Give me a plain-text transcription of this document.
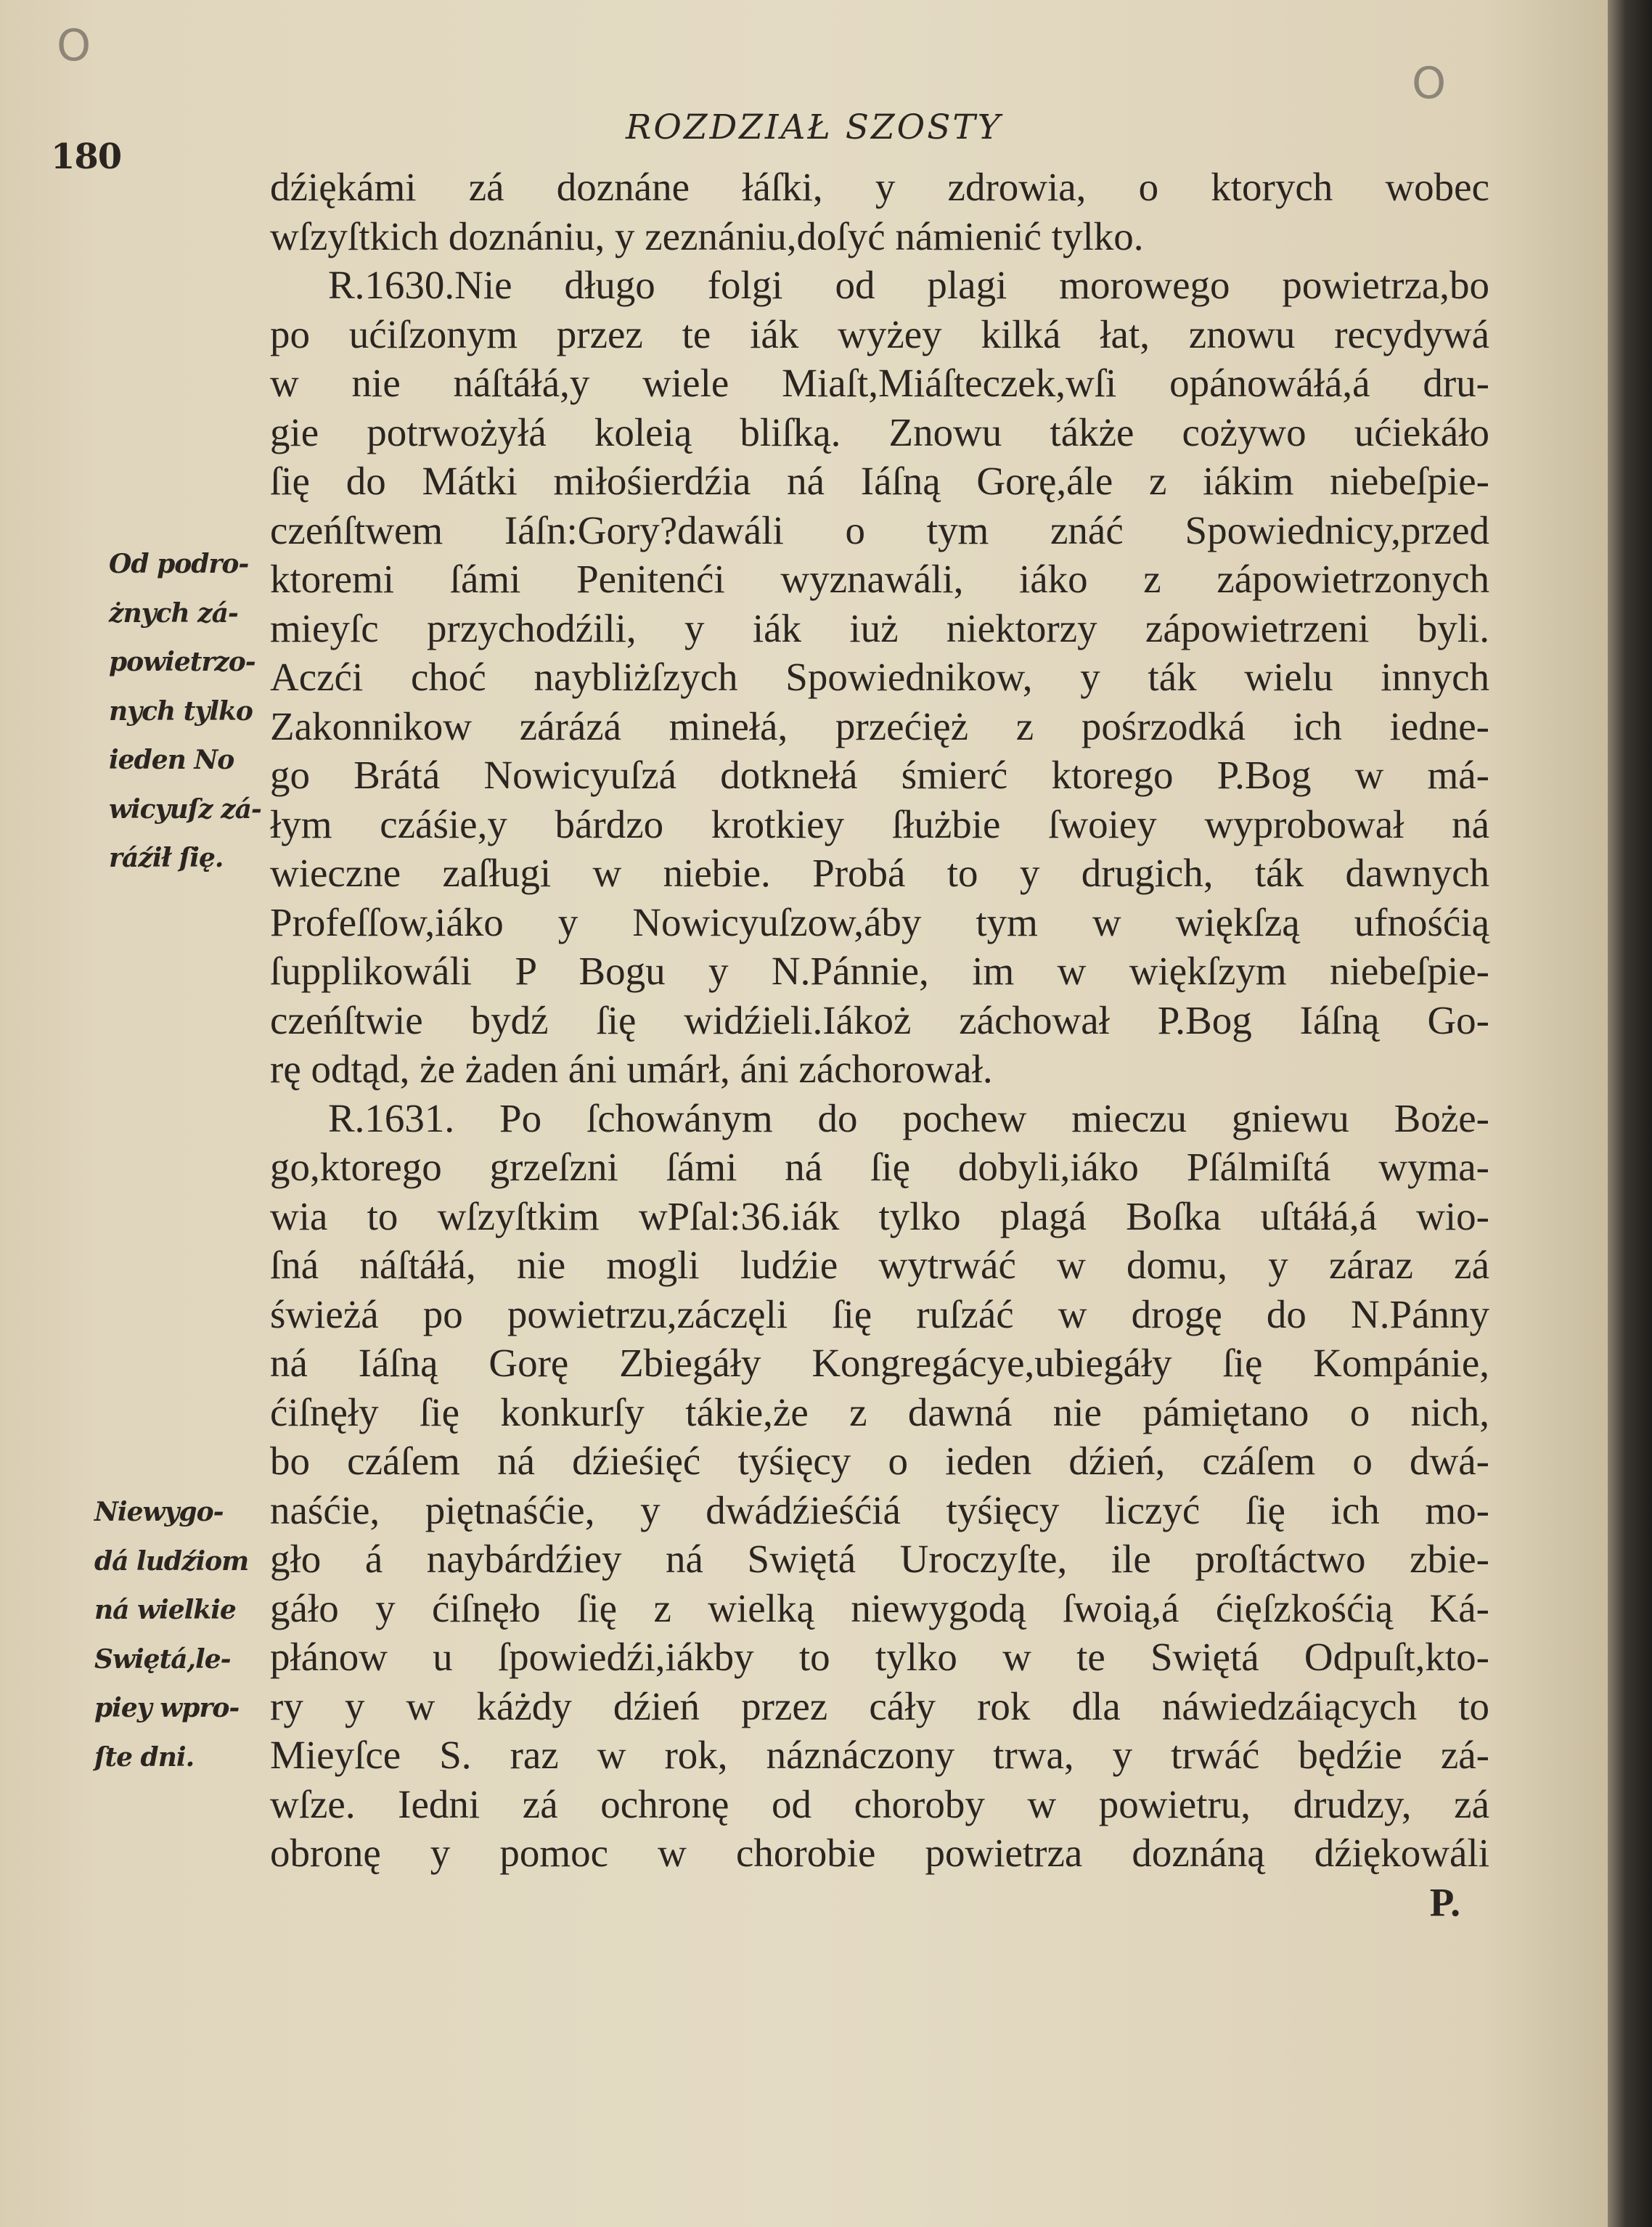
O
O
180
ROZDZIAŁ SZOSTY
dźiękámi zá doznáne łáſki, y zdrowia, o ktorych wobec
wſzyſtkich doznániu, y zeznániu,doſyć námienić tylko.
R.1630.Nie długo folgi od plagi morowego powietrza,bo
po ućiſzonym przez te iák wyżey kilká łat, znowu recydywá
w nie náſtáłá,y wiele Miaſt,Miáſteczek,wſi opánowáłá,á dru-
gie potrwożyłá koleią bliſką. Znowu tákże cożywo ućiekáło
ſię do Mátki miłośierdźia ná Iáſną Gorę,ále z iákim niebeſpie-
czeńſtwem Iáſn:Gory?dawáli o tym znáć Spowiednicy,przed
ktoremi ſámi Penitenći wyznawáli, iáko z zápowietrzonych
mieyſc przychodźili, y iák iuż niektorzy zápowietrzeni byli.
Aczći choć naybliżſzych Spowiednikow, y ták wielu innych
Zakonnikow zárázá minełá, przećięż z pośrzodká ich iedne-
go Brátá Nowicyuſzá dotknełá śmierć ktorego P.Bog w má-
łym czáśie,y bárdzo krotkiey ſłużbie ſwoiey wyprobował ná
wieczne zaſługi w niebie. Probá to y drugich, ták dawnych
Profeſſow,iáko y Nowicyuſzow,áby tym w więkſzą ufnośćią
ſupplikowáli P Bogu y N.Pánnie, im w więkſzym niebeſpie-
czeńſtwie bydź ſię widźieli.Iákoż záchował P.Bog Iáſną Go-
rę odtąd, że żaden áni umárł, áni záchorował.
R.1631. Po ſchowánym do pochew mieczu gniewu Boże-
go,ktorego grzeſzni ſámi ná ſię dobyli,iáko Pſálmiſtá wyma-
wia to wſzyſtkim wPſal:36.iák tylko plagá Boſka uſtáłá,á wio-
ſná náſtáłá, nie mogli ludźie wytrwáć w domu, y záraz zá
świeżá po powietrzu,záczęli ſię ruſzáć w drogę do N.Pánny
ná Iáſną Gorę Zbiegáły Kongregácye,ubiegáły ſię Kompánie,
ćiſnęły ſię konkurſy tákie,że z dawná nie pámiętano o nich,
bo czáſem ná dźieśięć tyśięcy o ieden dźień, czáſem o dwá-
naśćie, piętnaśćie, y dwádźieśćiá tyśięcy liczyć ſię ich mo-
gło á naybárdźiey ná Swiętá Uroczyſte, ile proſtáctwo zbie-
gáło y ćiſnęło ſię z wielką niewygodą ſwoią,á ćięſzkośćią Ká-
płánow u ſpowiedźi,iákby to tylko w te Swiętá Odpuſt,kto-
ry y w káżdy dźień przez cáły rok dla náwiedzáiących to
Mieyſce S. raz w rok, náznáczony trwa, y trwáć będźie zá-
wſze. Iedni zá ochronę od choroby w powietru, drudzy, zá
obronę y pomoc w chorobie powietrza doznáną dźiękowáli
P.
Od podro-
żnych zá-
powietrzo-
nych tylko
ieden No
wicyuſz zá-
ráźił ſię.
Niewygo-
dá ludźiom
ná wielkie
Swiętá,le-
piey wpro-
ſte dni.
